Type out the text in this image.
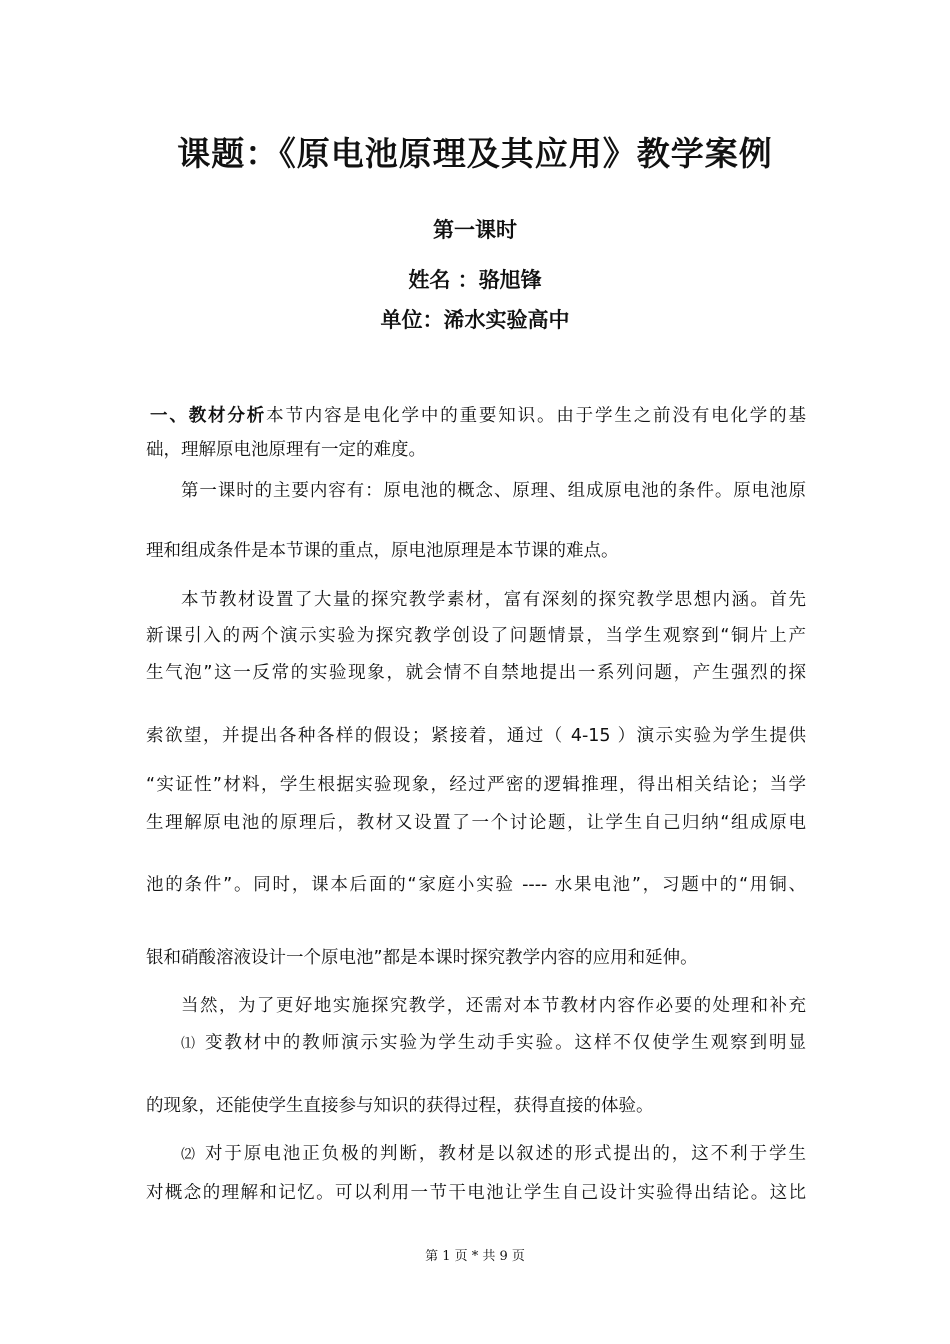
课题：《原电池原理及其应用》教学案例

第一课时

姓名 ：骆旭锋

单位：浠水实验高中

一、教材分析本节内容是电化学中的重要知识。由于学生之前没有电化学的基

础，理解原电池原理有一定的难度。

第一课时的主要内容有：原电池的概念、原理、组成原电池的条件。原电池原

理和组成条件是本节课的重点，原电池原理是本节课的难点。

本节教材设置了大量的探究教学素材，富有深刻的探究教学思想内涵。首先

新课引入的两个演示实验为探究教学创设了问题情景，当学生观察到“铜片上产

生气泡”这一反常的实验现象，就会情不自禁地提出一系列问题，产生强烈的探

索欲望，并提出各种各样的假设；紧接着，通过（ 4-15 ）演示实验为学生提供

“实证性”材料，学生根据实验现象，经过严密的逻辑推理，得出相关结论；当学

生理解原电池的原理后，教材又设置了一个讨论题，让学生自己归纳“组成原电

池的条件”。同时，课本后面的“家庭小实验 ---- 水果电池”，习题中的“用铜、

银和硝酸溶液设计一个原电池”都是本课时探究教学内容的应用和延伸。

当然，为了更好地实施探究教学，还需对本节教材内容作必要的处理和补充

⑴ 变教材中的教师演示实验为学生动手实验。这样不仅使学生观察到明显

的现象，还能使学生直接参与知识的获得过程，获得直接的体验。

⑵ 对于原电池正负极的判断，教材是以叙述的形式提出的，这不利于学生

对概念的理解和记忆。可以利用一节干电池让学生自己设计实验得出结论。这比

第 1 页 * 共 9 页
